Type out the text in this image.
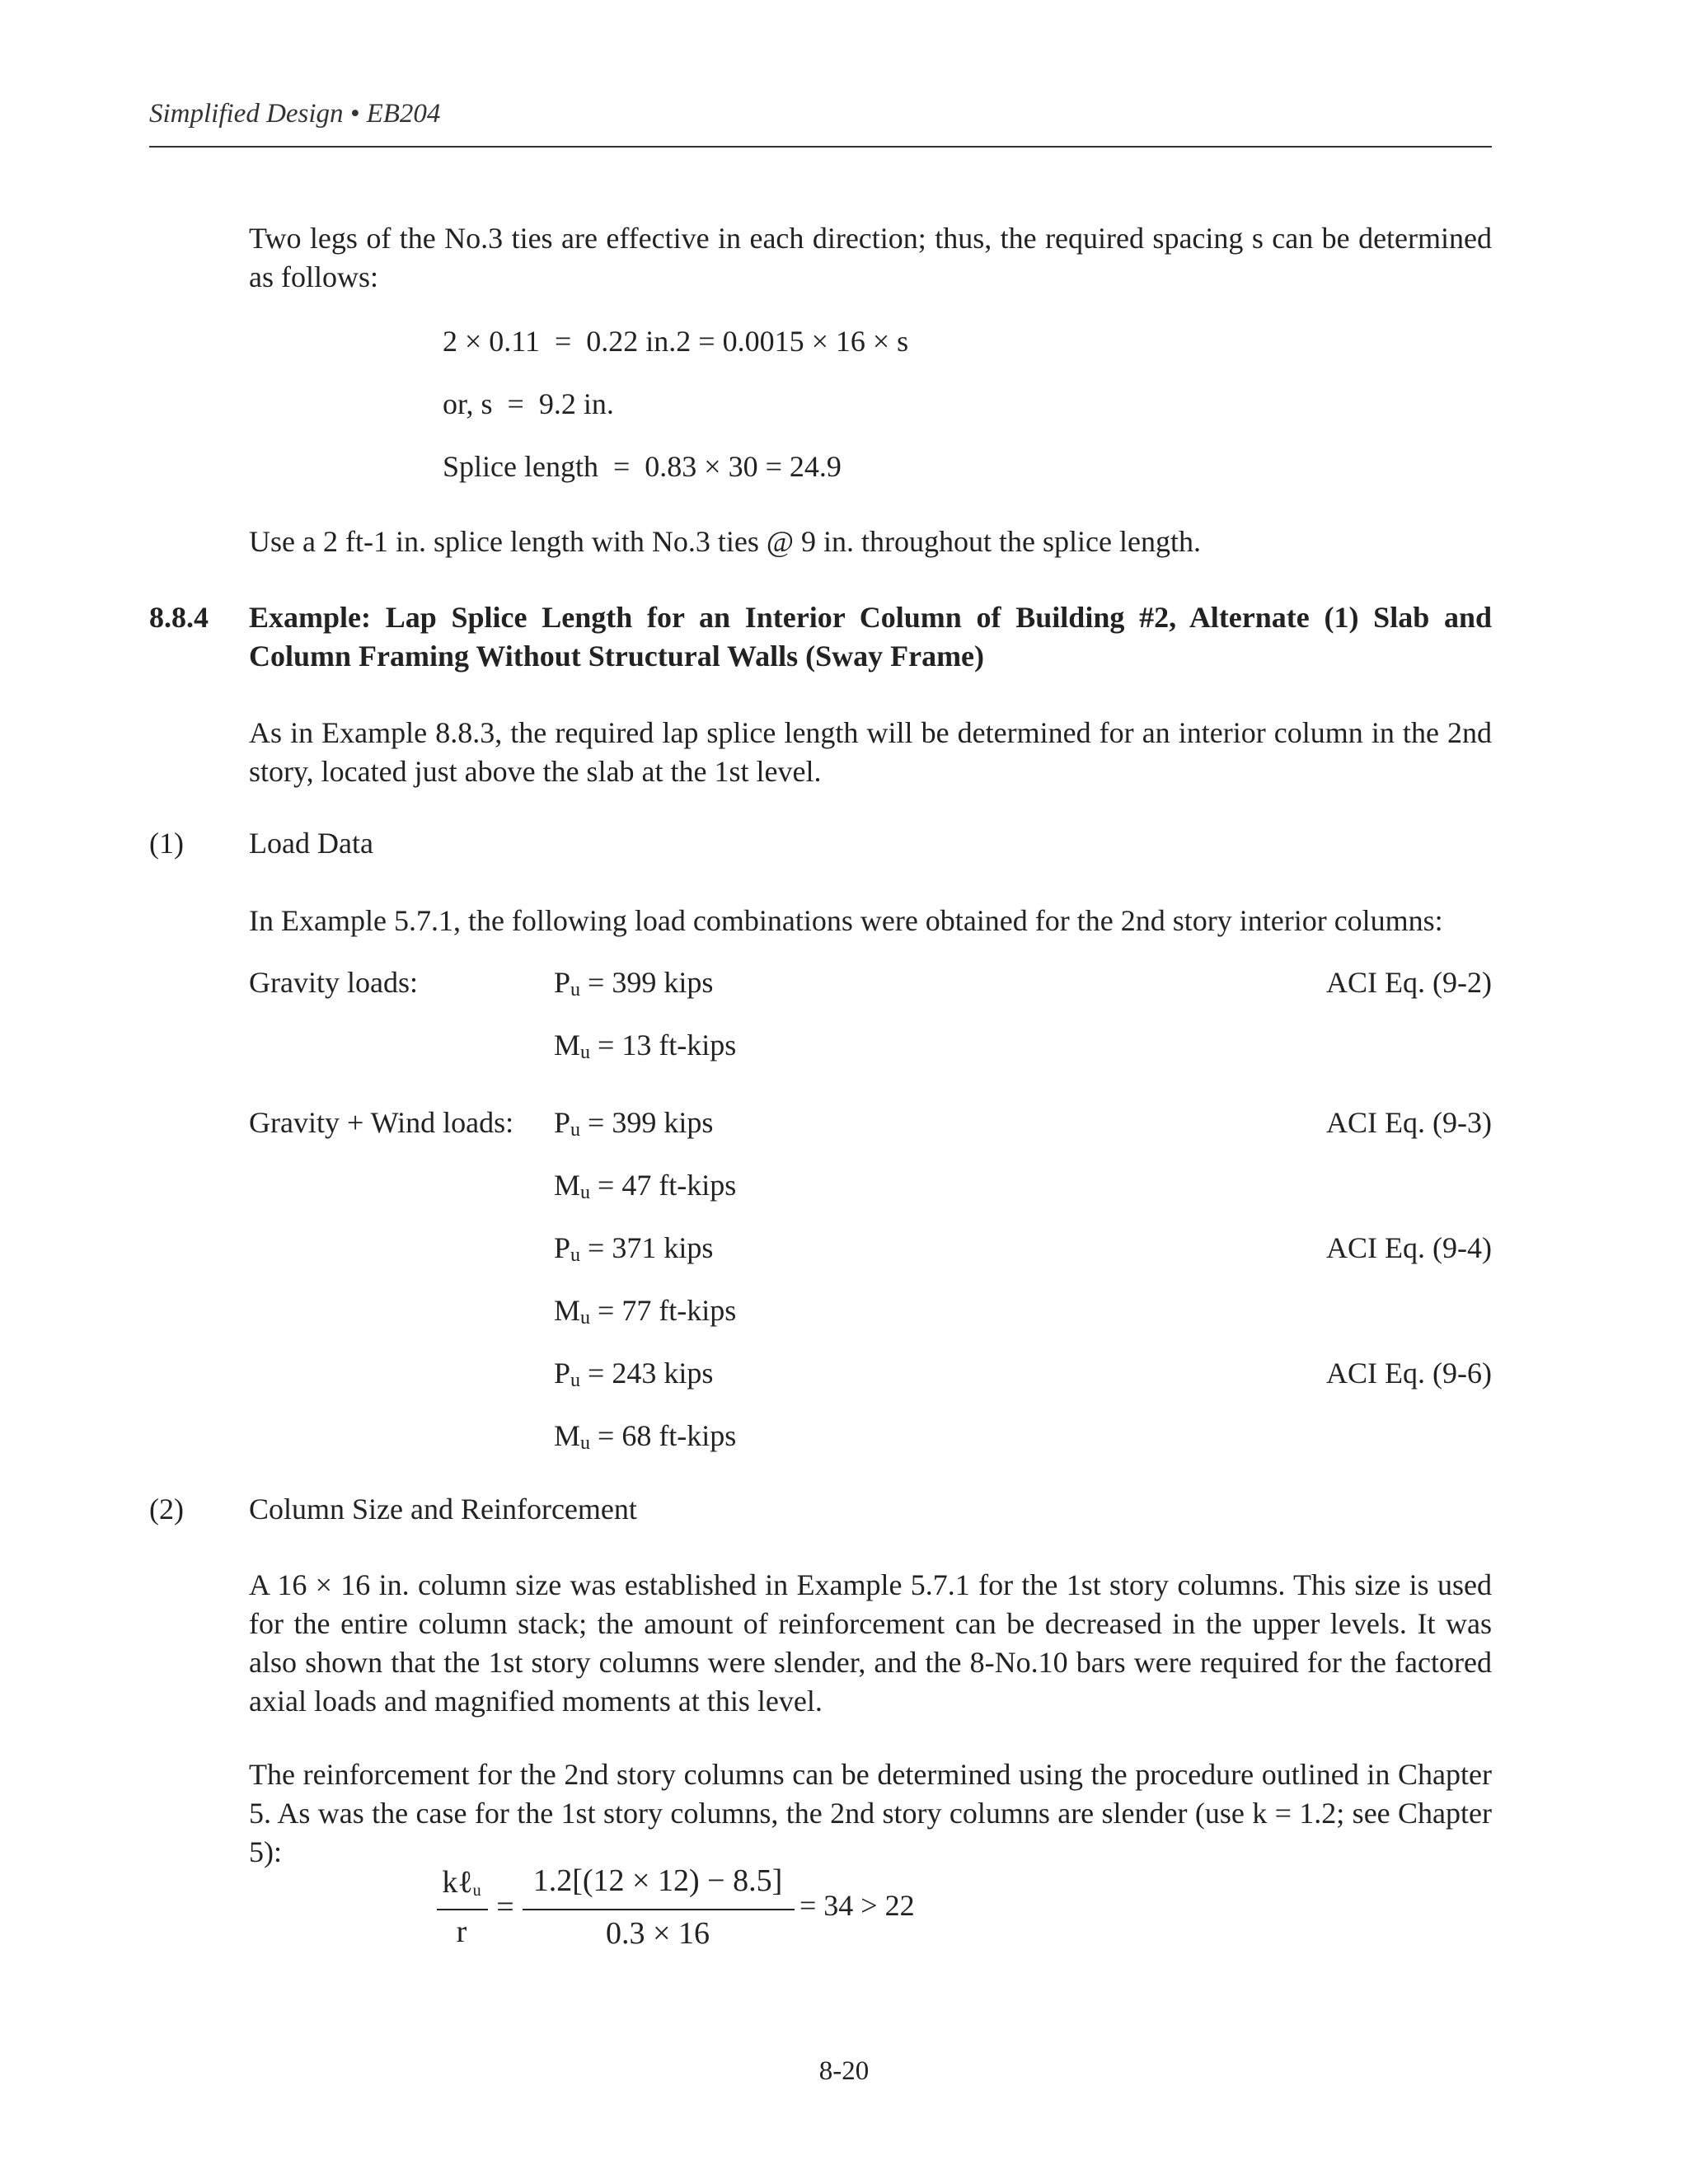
Simplified Design • EB204
Two legs of the No.3 ties are effective in each direction; thus, the required spacing s can be determined as follows:
2 × 0.11  =  0.22 in.2 = 0.0015 × 16 × s
or, s  =  9.2 in.
Splice length  =  0.83 × 30 = 24.9
Use a 2 ft-1 in. splice length with No.3 ties @ 9 in. throughout the splice length.
8.8.4 Example: Lap Splice Length for an Interior Column of Building #2, Alternate (1) Slab and Column Framing Without Structural Walls (Sway Frame)
As in Example 8.8.3, the required lap splice length will be determined for an interior column in the 2nd story, located just above the slab at the 1st level.
(1) Load Data
In Example 5.7.1, the following load combinations were obtained for the 2nd story interior columns:
Gravity loads:	$P_u = 399$ kips	ACI Eq. (9-2)
$M_u = 13$ ft-kips
Gravity + Wind loads: $P_u = 399$ kips	ACI Eq. (9-3)
$M_u = 47$ ft-kips
$P_u = 371$ kips	ACI Eq. (9-4)
$M_u = 77$ ft-kips
$P_u = 243$ kips	ACI Eq. (9-6)
$M_u = 68$ ft-kips
(2) Column Size and Reinforcement
A 16 × 16 in. column size was established in Example 5.7.1 for the 1st story columns. This size is used for the entire column stack; the amount of reinforcement can be decreased in the upper levels. It was also shown that the 1st story columns were slender, and the 8-No.10 bars were required for the factored axial loads and magnified moments at this level.
The reinforcement for the 2nd story columns can be determined using the procedure outlined in Chapter 5. As was the case for the 1st story columns, the 2nd story columns are slender (use k = 1.2; see Chapter 5):
kℓ$_u$
r
=
1.2[(12 × 12) − 8.5]
0.3 × 16
= 34 > 22
8-20
